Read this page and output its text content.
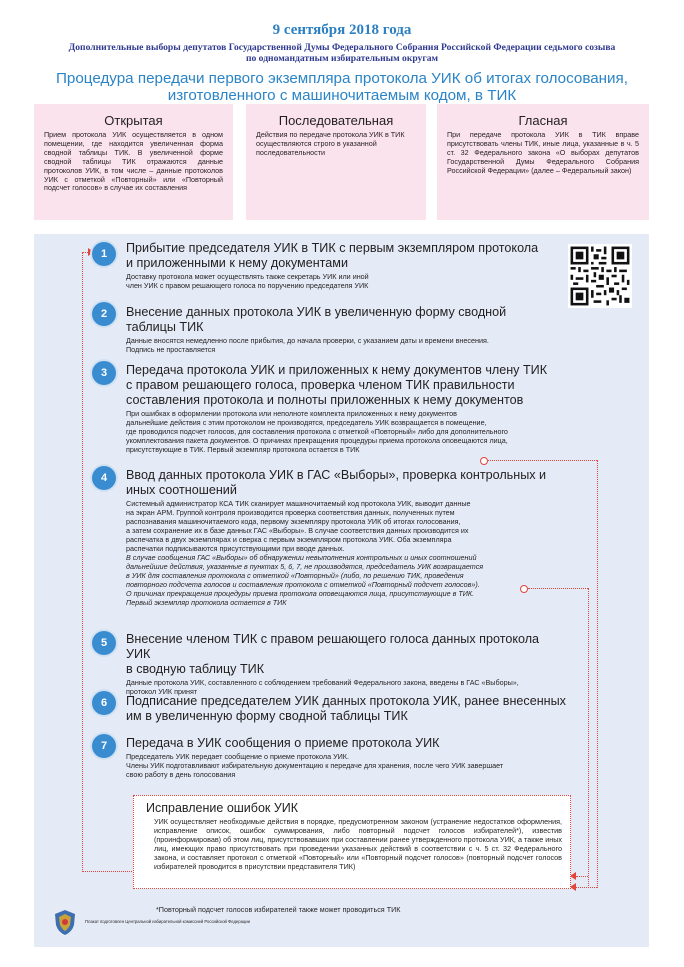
9 сентября 2018 года
Дополнительные выборы депутатов Государственной Думы Федерального Собрания Российской Федерации седьмого созыва
по одномандатным избирательным округам
Процедура передачи первого экземпляра протокола УИК об итогах голосования,
изготовленного с машиночитаемым кодом, в ТИК
Открытая

Прием протокола УИК осуществляется в одном помещении, где находится увеличенная форма сводной таблицы ТИК. В увеличенной форме сводной таблицы ТИК отражаются данные протоколов УИК, в том числе – данные протоколов УИК с отметкой «Повторный» или «Повторный подсчет голосов» в случае их составления

Последовательная

Действия по передаче протокола УИК в ТИК осуществляются строго в указанной последовательности

Гласная

При передаче протокола УИК в ТИК вправе присутствовать члены ТИК, иные лица, указанные в ч. 5 ст. 32 Федерального закона «О выборах депутатов Государственной Думы Федерального Собрания Российской Федерации» (далее – Федеральный закон)

1	Прибытие председателя УИК в ТИК с первым экземпляром протокола
и приложенными к нему документами

Доставку протокола может осуществлять также секретарь УИК или иной
член УИК с правом решающего голоса по поручению председателя УИК

2	Внесение данных протокола УИК в увеличенную форму сводной
таблицы ТИК

Данные вносятся немедленно после прибытия, до начала проверки, с указанием даты и времени внесения.
Подпись не проставляется

3	Передача протокола УИК и приложенных к нему документов члену ТИК
с правом решающего голоса, проверка членом ТИК правильности
составления протокола и полноты приложенных к нему документов

При ошибках в оформлении протокола или неполноте комплекта приложенных к нему документов
дальнейшие действия с этим протоколом не производятся, председатель УИК возвращается в помещение,
где проводился подсчет голосов, для составления протокола с отметкой «Повторный» либо для дополнительного
укомплектования пакета документов. О причинах прекращения процедуры приема протокола оповещаются лица,
присутствующие в ТИК. Первый экземпляр протокола остается в ТИК

4	Ввод данных протокола УИК в ГАС «Выборы», проверка контрольных и
иных соотношений

Системный администратор КСА ТИК сканирует машиночитаемый код протокола УИК, выводит данные
на экран АРМ. Группой контроля производится проверка соответствия данных, полученных путем
распознавания машиночитаемого кода, первому экземпляру протокола УИК об итогах голосования,
а затем сохранение их в базе данных ГАС «Выборы». В случае соответствия данных производится их
распечатка в двух экземплярах и сверка с первым экземпляром протокола УИК. Оба экземпляра
распечатки подписываются присутствующими при вводе данных.

В случае сообщения ГАС «Выборы» об обнаружении невыполнения контрольных и иных соотношений
дальнейшие действия, указанные в пунктах 5, 6, 7, не производятся, председатель УИК возвращается
в УИК для составления протокола с отметкой «Повторный» (либо, по решению ТИК, проведения
повторного подсчета голосов и составления протокола с отметкой «Повторный подсчет голосов»).
О причинах прекращения процедуры приема протокола оповещаются лица, присутствующие в ТИК.
Первый экземпляр протокола остается в ТИК

5	Внесение членом ТИК с правом решающего голоса данных протокола УИК
в сводную таблицу ТИК

Данные протокола УИК, составленного с соблюдением требований Федерального закона, введены в ГАС «Выборы»,
протокол УИК принят

6	Подписание председателем УИК данных протокола УИК, ранее внесенных
им в увеличенную форму сводной таблицы ТИК
7	Передача в УИК сообщения о приеме протокола УИК

Председатель УИК передает сообщение о приеме протокола УИК.
Члены УИК подготавливают избирательную документацию к передаче для хранения, после чего УИК завершает
свою работу в день голосования

Исправление ошибок УИК

УИК осуществляет необходимые действия в порядке, предусмотренном законом (устранение недостатков оформления, исправление описок, ошибок суммирования, либо повторный подсчет голосов избирателей*), известив (проинформировав) об этом лиц, присутствовавших при составлении ранее утвержденного протокола УИК, а также иных лиц, имеющих право присутствовать при проведении указанных действий в соответствии с ч. 5 ст. 32 Федерального закона, и составляет протокол с отметкой «Повторный» или «Повторный подсчет голосов» (повторный подсчет голосов избирателей проводится в присутствии представителя ТИК)

*Повторный подсчет голосов избирателей также может проводиться ТИК
Плакат подготовлен Центральной избирательной комиссией Российской Федерации
